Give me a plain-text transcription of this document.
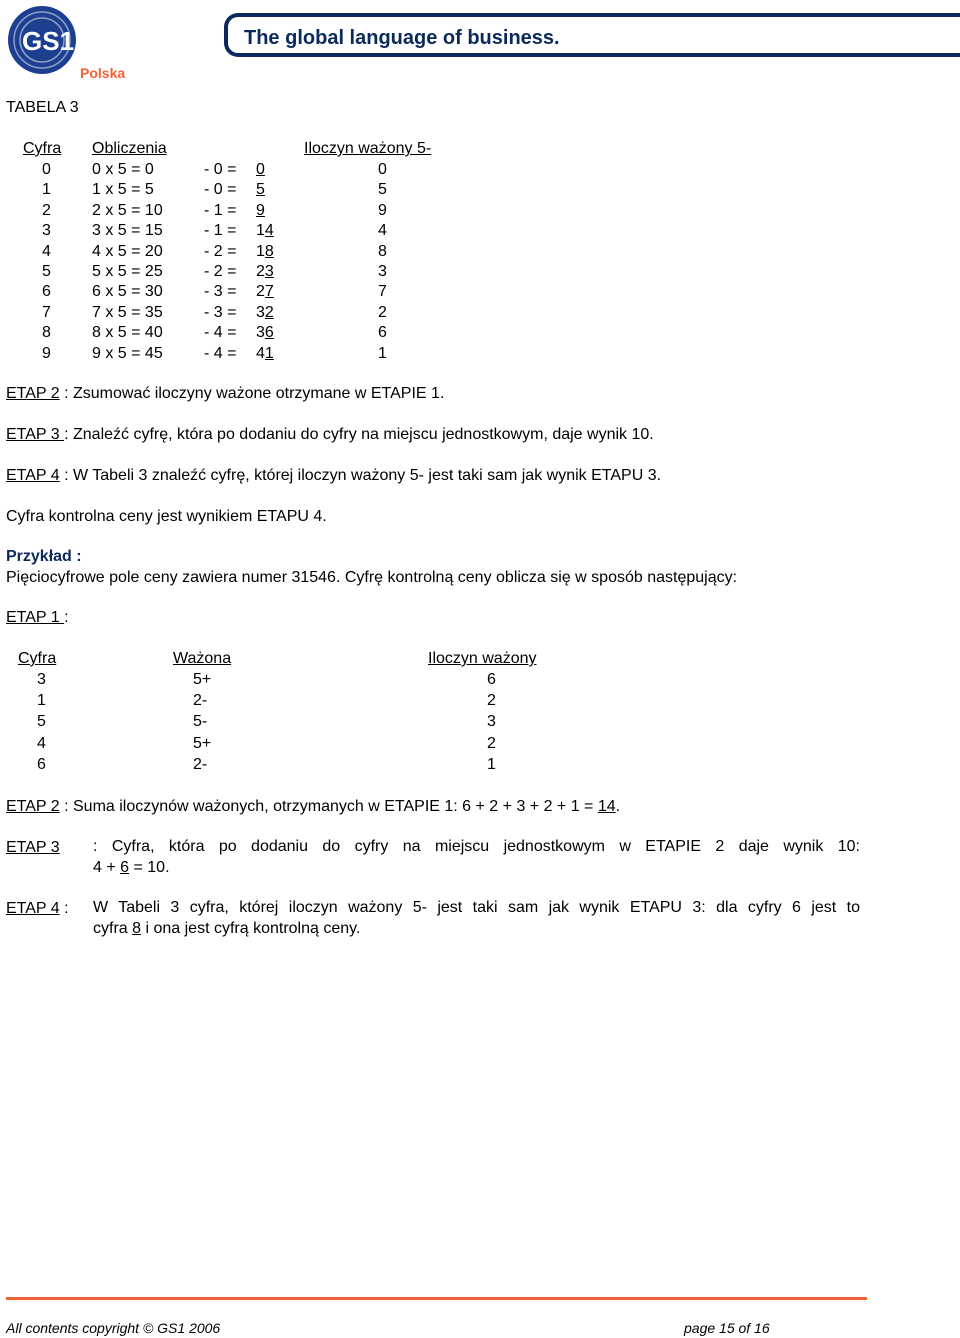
GS1
Polska
The global language of business.
TABELA 3
Cyfra Obliczenia	Iloczyn ważony 5-
0	0 x 5 = 0	- 0 = 0	0
1	1 x 5 = 5	- 0 = 5	5
2	2 x 5 = 10	- 1 = 9	9
3	3 x 5 = 15	- 1 = 14	4
4	4 x 5 = 20	- 2 = 18	8
5	5 x 5 = 25	- 2 = 23	3
6	6 x 5 = 30	- 3 = 27	7
7	7 x 5 = 35	- 3 = 32	2
8	8 x 5 = 40	- 4 = 36	6
9	9 x 5 = 45	- 4 = 41	1
ETAP 2 : Zsumować iloczyny ważone otrzymane w ETAPIE 1.
ETAP 3 : Znaleźć cyfrę, która po dodaniu do cyfry na miejscu jednostkowym, daje wynik 10.
ETAP 4 : W Tabeli 3 znaleźć cyfrę, której iloczyn ważony 5- jest taki sam jak wynik ETAPU 3.
Cyfra kontrolna ceny jest wynikiem ETAPU 4.
Przykład :
Pięciocyfrowe pole ceny zawiera numer 31546. Cyfrę kontrolną ceny oblicza się w sposób następujący:
ETAP 1 :
Cyfra	Ważona	Iloczyn ważony
3	5+	6
1	2-	2
5	5-	3
4	5+	2
6	2-	1
ETAP 2 : Suma iloczynów ważonych, otrzymanych w ETAPIE 1: 6 + 2 + 3 + 2 + 1 = 14.
ETAP 3 : Cyfra, która po dodaniu do cyfry na miejscu jednostkowym w ETAPIE 2 daje wynik 10:
4 + 6 = 10.
ETAP 4 : W Tabeli 3 cyfra, której iloczyn ważony 5- jest taki sam jak wynik ETAPU 3: dla cyfry 6 jest to
cyfra 8 i ona jest cyfrą kontrolną ceny.
All contents copyright © GS1 2006	page 15 of 16
